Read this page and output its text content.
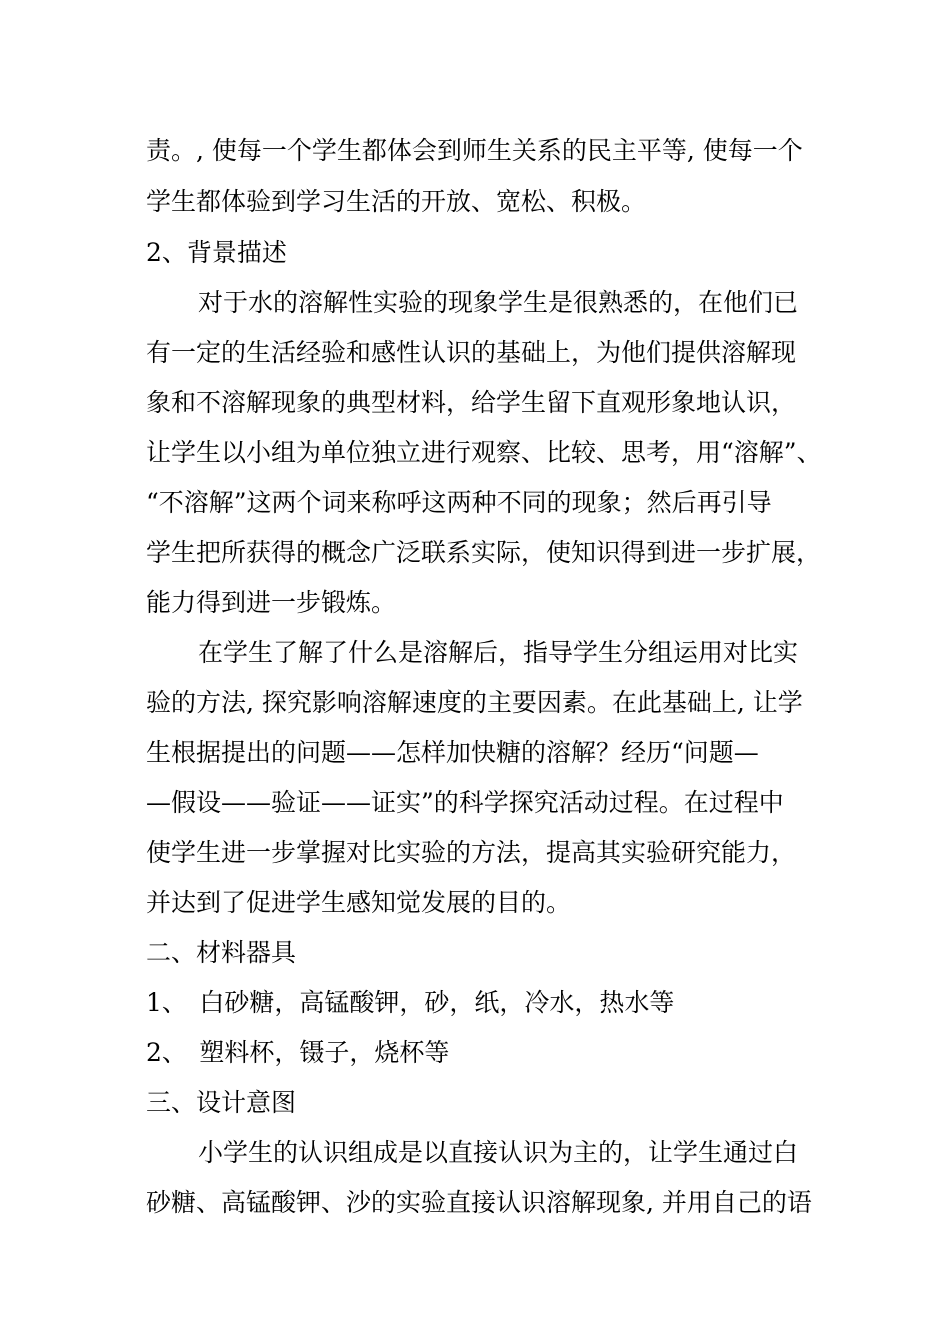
责。, 使每一个学生都体会到师生关系的民主平等, 使每一个
学生都体验到学习生活的开放、宽松、积极。
2、背景描述
对于水的溶解性实验的现象学生是很熟悉的，在他们已
有一定的生活经验和感性认识的基础上，为他们提供溶解现
象和不溶解现象的典型材料，给学生留下直观形象地认识，
让学生以小组为单位独立进行观察、比较、思考，用“溶解”、
“不溶解”这两个词来称呼这两种不同的现象；然后再引导
学生把所获得的概念广泛联系实际，使知识得到进一步扩展，
能力得到进一步锻炼。
在学生了解了什么是溶解后，指导学生分组运用对比实
验的方法, 探究影响溶解速度的主要因素。在此基础上, 让学
生根据提出的问题——怎样加快糖的溶解？经历“问题—
—假设——验证——证实”的科学探究活动过程。在过程中
使学生进一步掌握对比实验的方法，提高其实验研究能力，
并达到了促进学生感知觉发展的目的。
二、材料器具
1、　白砂糖，高锰酸钾，砂，纸，冷水，热水等
2、　塑料杯，镊子，烧杯等
三、设计意图
小学生的认识组成是以直接认识为主的，让学生通过白
砂糖、高锰酸钾、沙的实验直接认识溶解现象, 并用自己的语
